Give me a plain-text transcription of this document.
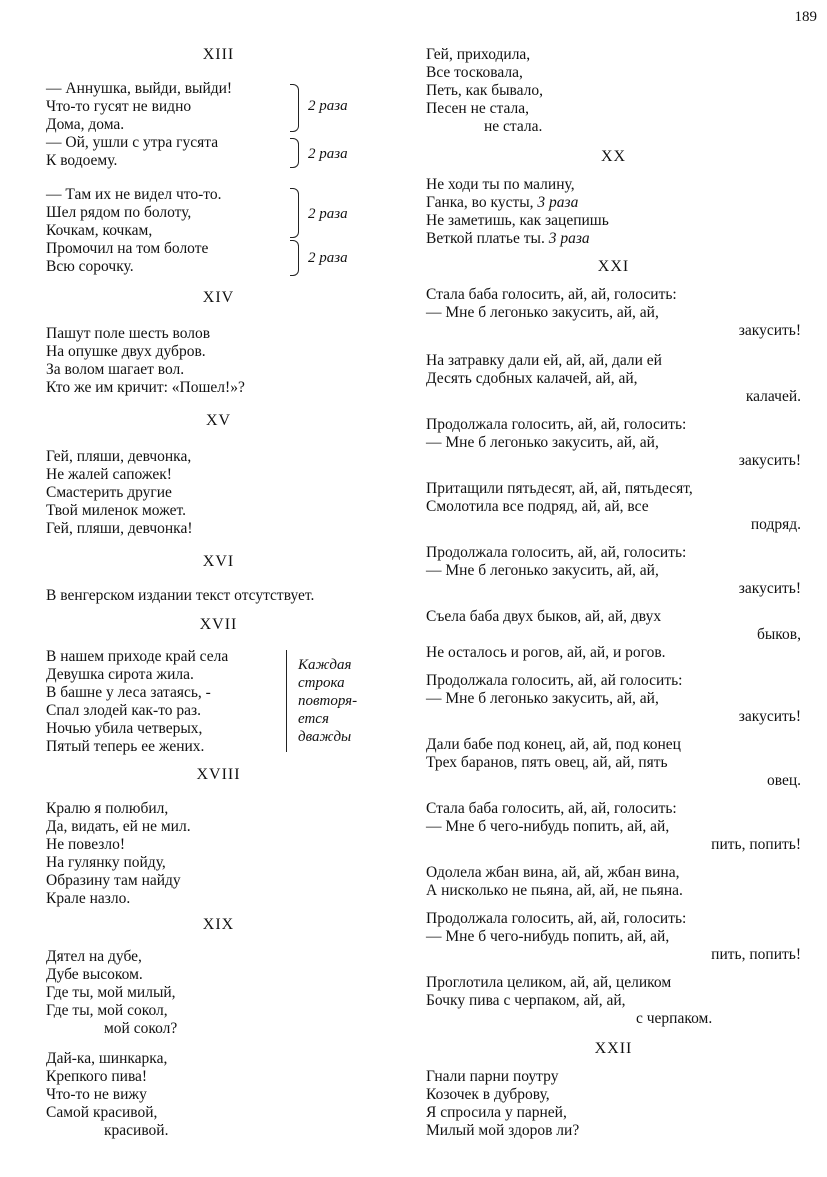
189
XIII
— Аннушка, выйди, выйди!
Что-то гусят не видно
Дома, дома.
— Ой, ушли с утра гусята
К водоему.
— Там их не видел что-то.
Шел рядом по болоту,
Кочкам, кочкам,
Промочил на том болоте
Всю сорочку.
2 раза
2 раза
2 раза
2 раза
XIV
Пашут поле шесть волов
На опушке двух дубров.
За волом шагает вол.
Кто же им кричит: «Пошел!»?
XV
Гей, пляши, девчонка,
Не жалей сапожек!
Смастерить другие
Твой миленок может.
Гей, пляши, девчонка!
XVI
В венгерском издании текст отсутствует.
XVII
В нашем приходе край села
Девушка сирота жила.
В башне у леса затаясь, -
Спал злодей как-то раз.
Ночью убила четверых,
Пятый теперь ее жених.
Каждая
строка
повторя-
ется
дважды
XVIII
Кралю я полюбил,
Да, видать, ей не мил.
Не повезло!
На гулянку пойду,
Образину там найду
Крале назло.
XIX
Дятел на дубе,
Дубе высоком.
Где ты, мой милый,
Где ты, мой сокол,
мой сокол?
Дай-ка, шинкарка,
Крепкого пива!
Что-то не вижу
Самой красивой,
красивой.
Гей, приходила,
Все тосковала,
Петь, как бывало,
Песен не стала,
не стала.
XX
Не ходи ты по малину,
Ганка, во кусты, 3 раза
Не заметишь, как зацепишь
Веткой платье ты. 3 раза
XXI
Стала баба голосить, ай, ай, голосить:
— Мне б легонько закусить, ай, ай,
закусить!
На затравку дали ей, ай, ай, дали ей
Десять сдобных калачей, ай, ай,
калачей.
Продолжала голосить, ай, ай, голосить:
— Мне б легонько закусить, ай, ай,
закусить!
Притащили пятьдесят, ай, ай, пятьдесят,
Смолотила все подряд, ай, ай, все
подряд.
Продолжала голосить, ай, ай, голосить:
— Мне б легонько закусить, ай, ай,
закусить!
Съела баба двух быков, ай, ай, двух
быков,
Не осталось и рогов, ай, ай, и рогов.
Продолжала голосить, ай, ай голосить:
— Мне б легонько закусить, ай, ай,
закусить!
Дали бабе под конец, ай, ай, под конец
Трех баранов, пять овец, ай, ай, пять
овец.
Стала баба голосить, ай, ай, голосить:
— Мне б чего-нибудь попить, ай, ай,
пить, попить!
Одолела жбан вина, ай, ай, жбан вина,
А нисколько не пьяна, ай, ай, не пьяна.
Продолжала голосить, ай, ай, голосить:
— Мне б чего-нибудь попить, ай, ай,
пить, попить!
Проглотила целиком, ай, ай, целиком
Бочку пива с черпаком, ай, ай,
с черпаком.
XXII
Гнали парни поутру
Козочек в дуброву,
Я спросила у парней,
Милый мой здоров ли?
